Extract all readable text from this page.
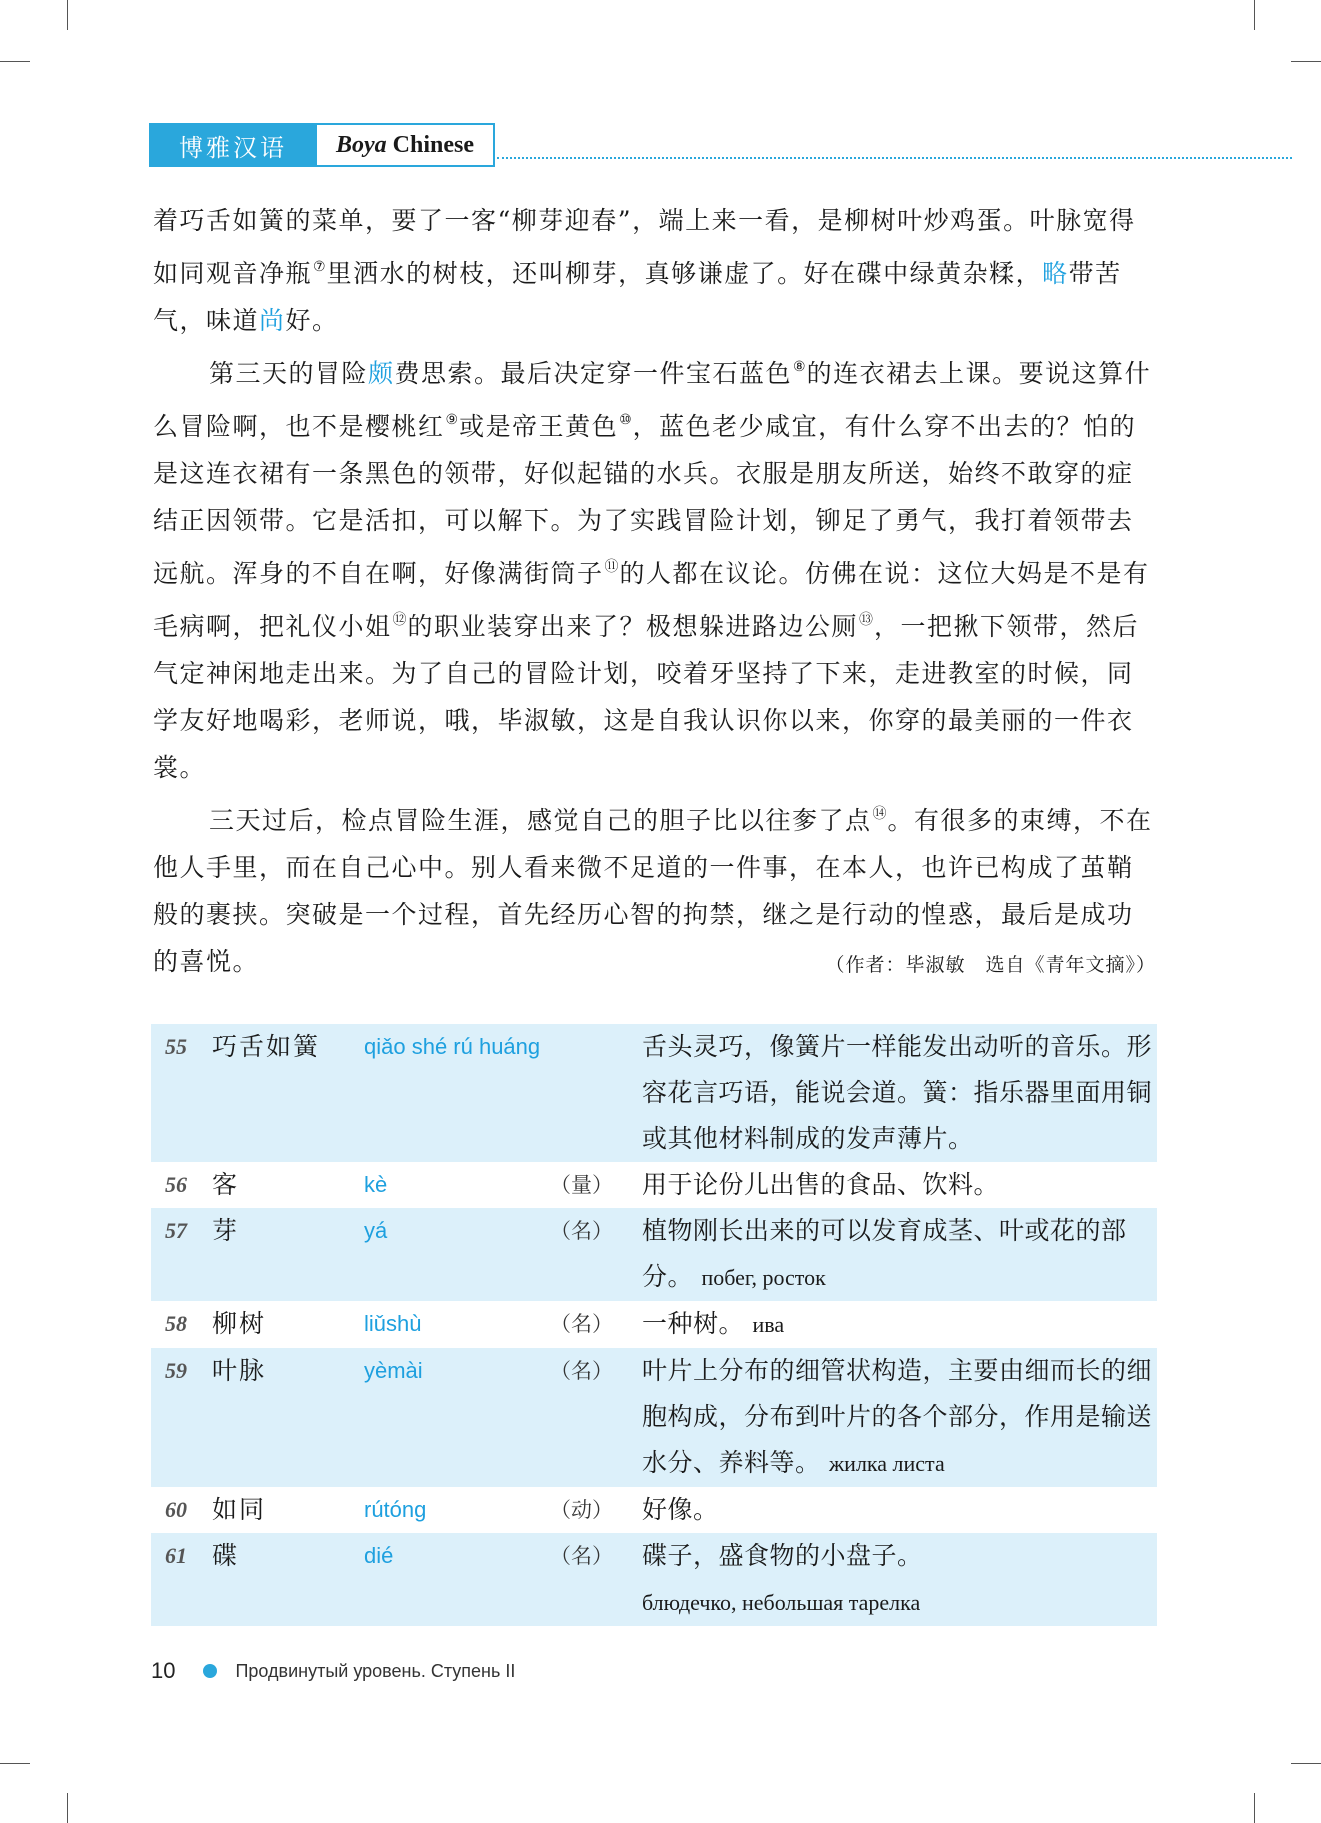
博雅汉语	Boya Chinese

着巧舌如簧的菜单，要了一客“柳芽迎春”，端上来一看，是柳树叶炒鸡蛋。叶脉宽得如同观音净瓶⑦里洒水的树枝，还叫柳芽，真够谦虚了。好在碟中绿黄杂糅，略带苦气，味道尚好。

第三天的冒险颇费思索。最后决定穿一件宝石蓝色⑧的连衣裙去上课。要说这算什么冒险啊，也不是樱桃红⑨或是帝王黄色⑩，蓝色老少咸宜，有什么穿不出去的？怕的是这连衣裙有一条黑色的领带，好似起锚的水兵。衣服是朋友所送，始终不敢穿的症结正因领带。它是活扣，可以解下。为了实践冒险计划，铆足了勇气，我打着领带去远航。浑身的不自在啊，好像满街筒子⑪的人都在议论。仿佛在说：这位大妈是不是有毛病啊，把礼仪小姐⑫的职业装穿出来了？极想躲进路边公厕⑬，一把揪下领带，然后气定神闲地走出来。为了自己的冒险计划，咬着牙坚持了下来，走进教室的时候，同学友好地喝彩，老师说，哦，毕淑敏，这是自我认识你以来，你穿的最美丽的一件衣裳。

三天过后，检点冒险生涯，感觉自己的胆子比以往奓了点⑭。有很多的束缚，不在他人手里，而在自己心中。别人看来微不足道的一件事，在本人，也许已构成了茧鞘般的裹挟。突破是一个过程，首先经历心智的拘禁，继之是行动的惶惑，最后是成功的喜悦。	（作者：毕淑敏　选自《青年文摘》）
55 巧舌如簧 qiǎo shé rú huáng	舌头灵巧，像簧片一样能发出动听的音乐。形容花言巧语，能说会道。簧：指乐器里面用铜或其他材料制成的发声薄片。
56 客	kè	（量） 用于论份儿出售的食品、饮料。
57 芽	yá	（名） 植物刚长出来的可以发育成茎、叶或花的部分。 побег, росток
58 柳树	liǔshù	（名） 一种树。 ива
59 叶脉	yèmài	（名） 叶片上分布的细管状构造，主要由细而长的细胞构成，分布到叶片的各个部分，作用是输送水分、养料等。 жилка листа
60 如同	rútóng	（动） 好像。
61 碟	dié	（名） 碟子，盛食物的小盘子。
блюдечко, небольшая тарелка
10	Продвинутый уровень. Ступень II
